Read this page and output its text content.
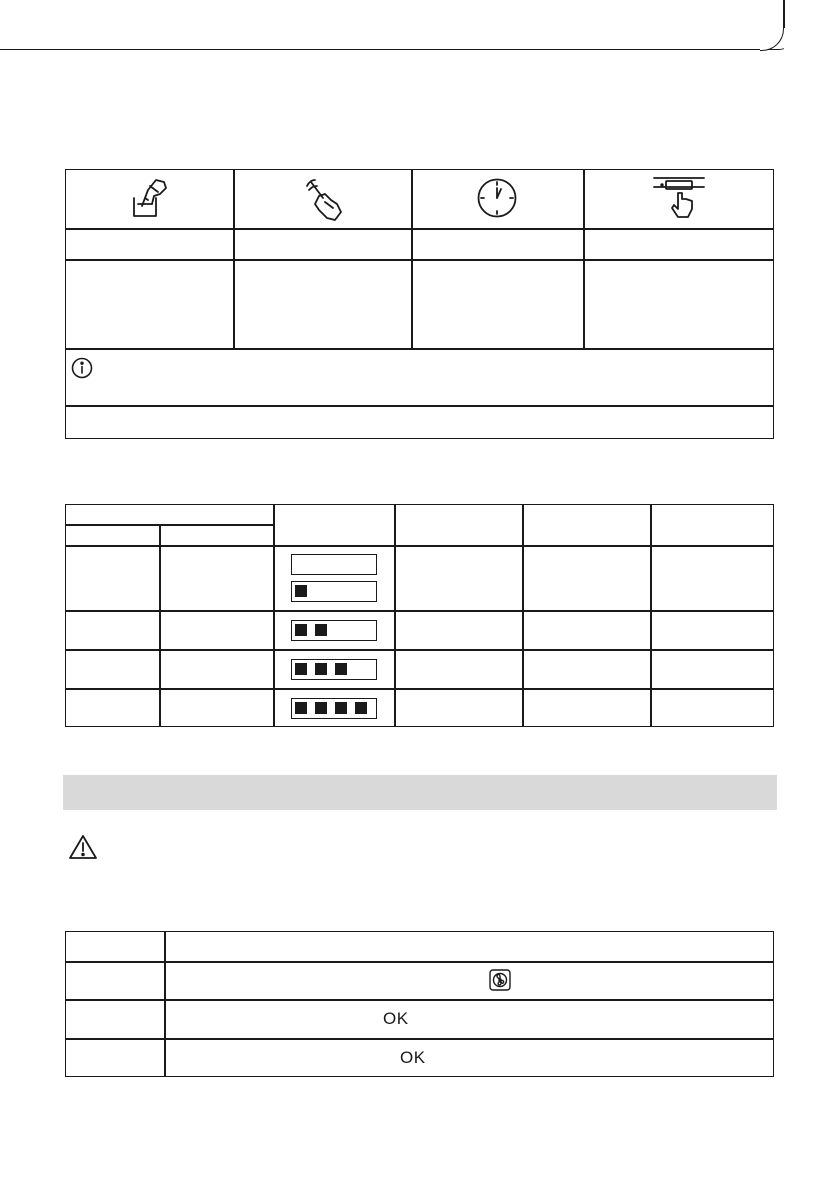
OK
OK
